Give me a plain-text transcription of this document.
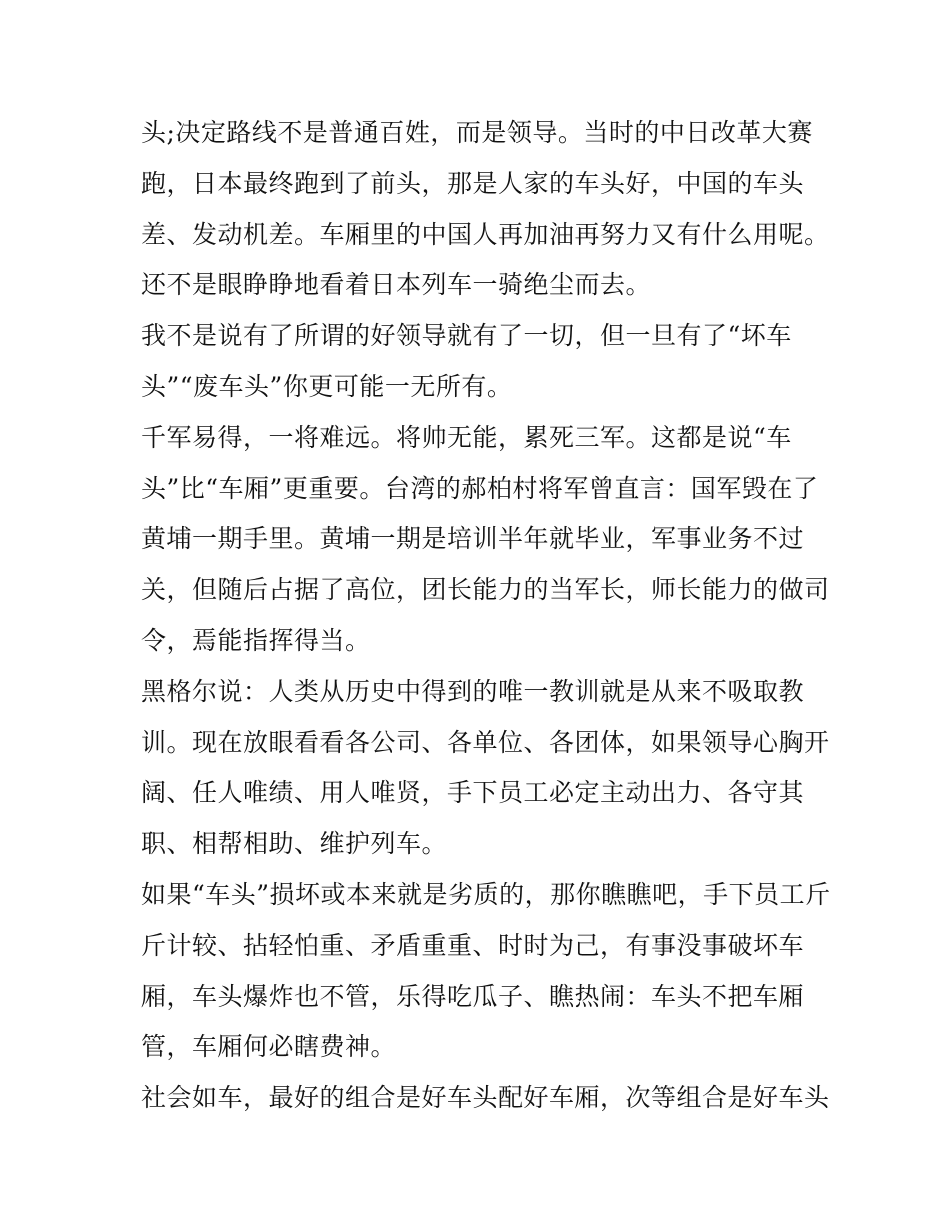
头;决定路线不是普通百姓，而是领导。当时的中日改革大赛
跑，日本最终跑到了前头，那是人家的车头好，中国的车头
差、发动机差。车厢里的中国人再加油再努力又有什么用呢。
还不是眼睁睁地看着日本列车一骑绝尘而去。
我不是说有了所谓的好领导就有了一切，但一旦有了“坏车
头”“废车头”你更可能一无所有。
千军易得，一将难远。将帅无能，累死三军。这都是说“车
头”比“车厢”更重要。台湾的郝柏村将军曾直言：国军毁在了
黄埔一期手里。黄埔一期是培训半年就毕业，军事业务不过
关，但随后占据了高位，团长能力的当军长，师长能力的做司
令，焉能指挥得当。
黑格尔说：人类从历史中得到的唯一教训就是从来不吸取教
训。现在放眼看看各公司、各单位、各团体，如果领导心胸开
阔、任人唯绩、用人唯贤，手下员工必定主动出力、各守其
职、相帮相助、维护列车。
如果“车头”损坏或本来就是劣质的，那你瞧瞧吧，手下员工斤
斤计较、拈轻怕重、矛盾重重、时时为己，有事没事破坏车
厢，车头爆炸也不管，乐得吃瓜子、瞧热闹：车头不把车厢
管，车厢何必瞎费神。
社会如车，最好的组合是好车头配好车厢，次等组合是好车头
